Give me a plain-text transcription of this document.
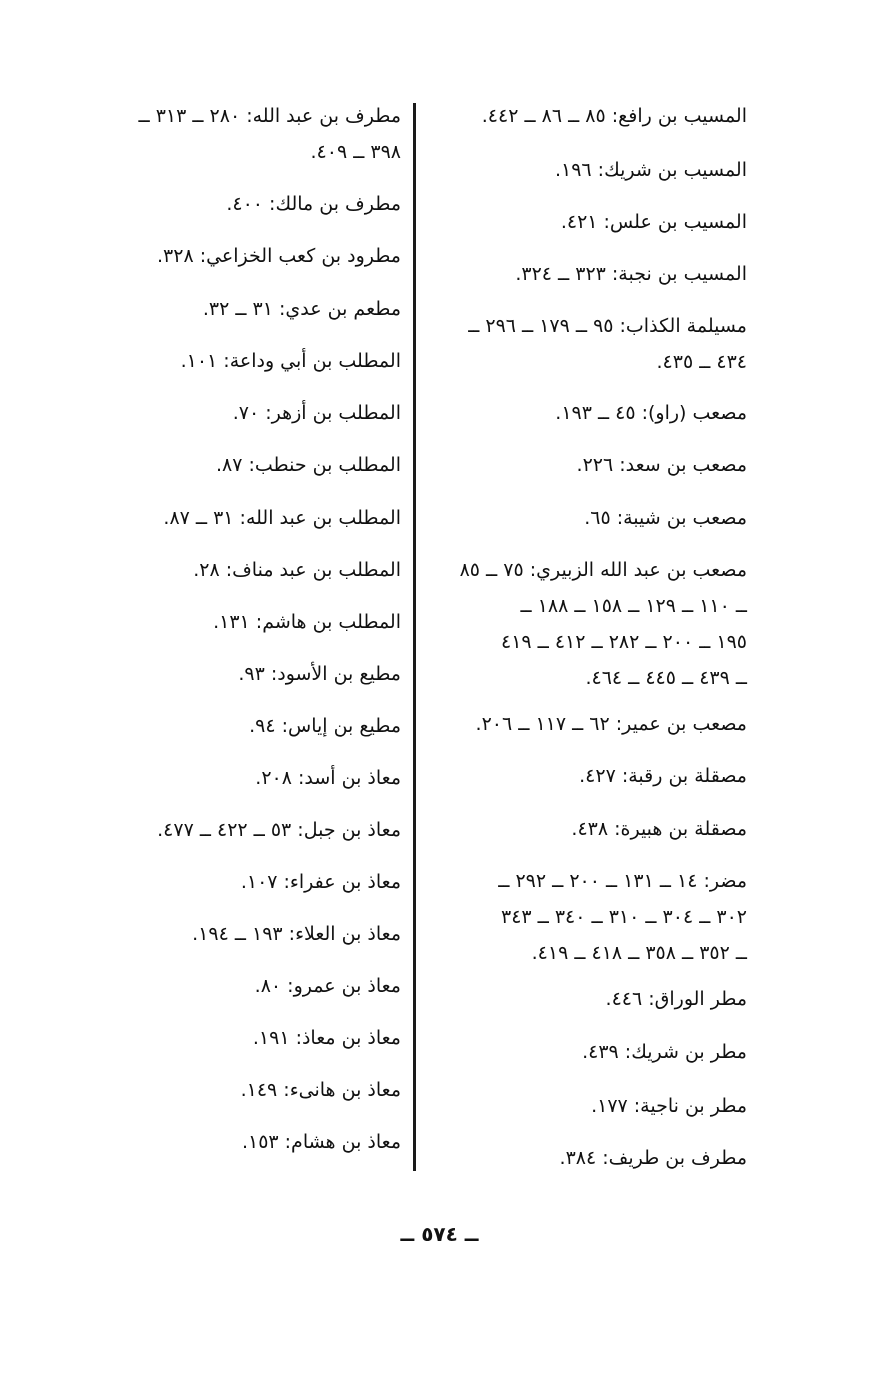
المسيب بن رافع: ٨٥ ــ ٨٦ ــ ٤٤٢.
المسيب بن شريك: ١٩٦.
المسيب بن علس: ٤٢١.
المسيب بن نجبة: ٣٢٣ ــ ٣٢٤.
مسيلمة الكذاب: ٩٥ ــ ١٧٩ ــ ٢٩٦ ــ
٤٣٤ ــ ٤٣٥.
مصعب (راو): ٤٥ ــ ١٩٣.
مصعب بن سعد: ٢٢٦.
مصعب بن شيبة: ٦٥.
مصعب بن عبد الله الزبيري: ٧٥ ــ ٨٥
ــ ١١٠ ــ ١٢٩ ــ ١٥٨ ــ ١٨٨ ــ
١٩٥ ــ ٢٠٠ ــ ٢٨٢ ــ ٤١٢ ــ ٤١٩
ــ ٤٣٩ ــ ٤٤٥ ــ ٤٦٤.
مصعب بن عمير: ٦٢ ــ ١١٧ ــ ٢٠٦.
مصقلة بن رقبة: ٤٢٧.
مصقلة بن هبيرة: ٤٣٨.
مضر: ١٤ ــ ١٣١ ــ ٢٠٠ ــ ٢٩٢ ــ
٣٠٢ ــ ٣٠٤ ــ ٣١٠ ــ ٣٤٠ ــ ٣٤٣
ــ ٣٥٢ ــ ٣٥٨ ــ ٤١٨ ــ ٤١٩.
مطر الوراق: ٤٤٦.
مطر بن شريك: ٤٣٩.
مطر بن ناجية: ١٧٧.
مطرف بن طريف: ٣٨٤.
مطرف بن عبد الله: ٢٨٠ ــ ٣١٣ ــ
٣٩٨ ــ ٤٠٩.
مطرف بن مالك: ٤٠٠.
مطرود بن كعب الخزاعي: ٣٢٨.
مطعم بن عدي: ٣١ ــ ٣٢.
المطلب بن أبي وداعة: ١٠١.
المطلب بن أزهر: ٧٠.
المطلب بن حنطب: ٨٧.
المطلب بن عبد الله: ٣١ ــ ٨٧.
المطلب بن عبد مناف: ٢٨.
المطلب بن هاشم: ١٣١.
مطيع بن الأسود: ٩٣.
مطيع بن إياس: ٩٤.
معاذ بن أسد: ٢٠٨.
معاذ بن جبل: ٥٣ ــ ٤٢٢ ــ ٤٧٧.
معاذ بن عفراء: ١٠٧.
معاذ بن العلاء: ١٩٣ ــ ١٩٤.
معاذ بن عمرو: ٨٠.
معاذ بن معاذ: ١٩١.
معاذ بن هانىء: ١٤٩.
معاذ بن هشام: ١٥٣.
ــ ٥٧٤ ــ
